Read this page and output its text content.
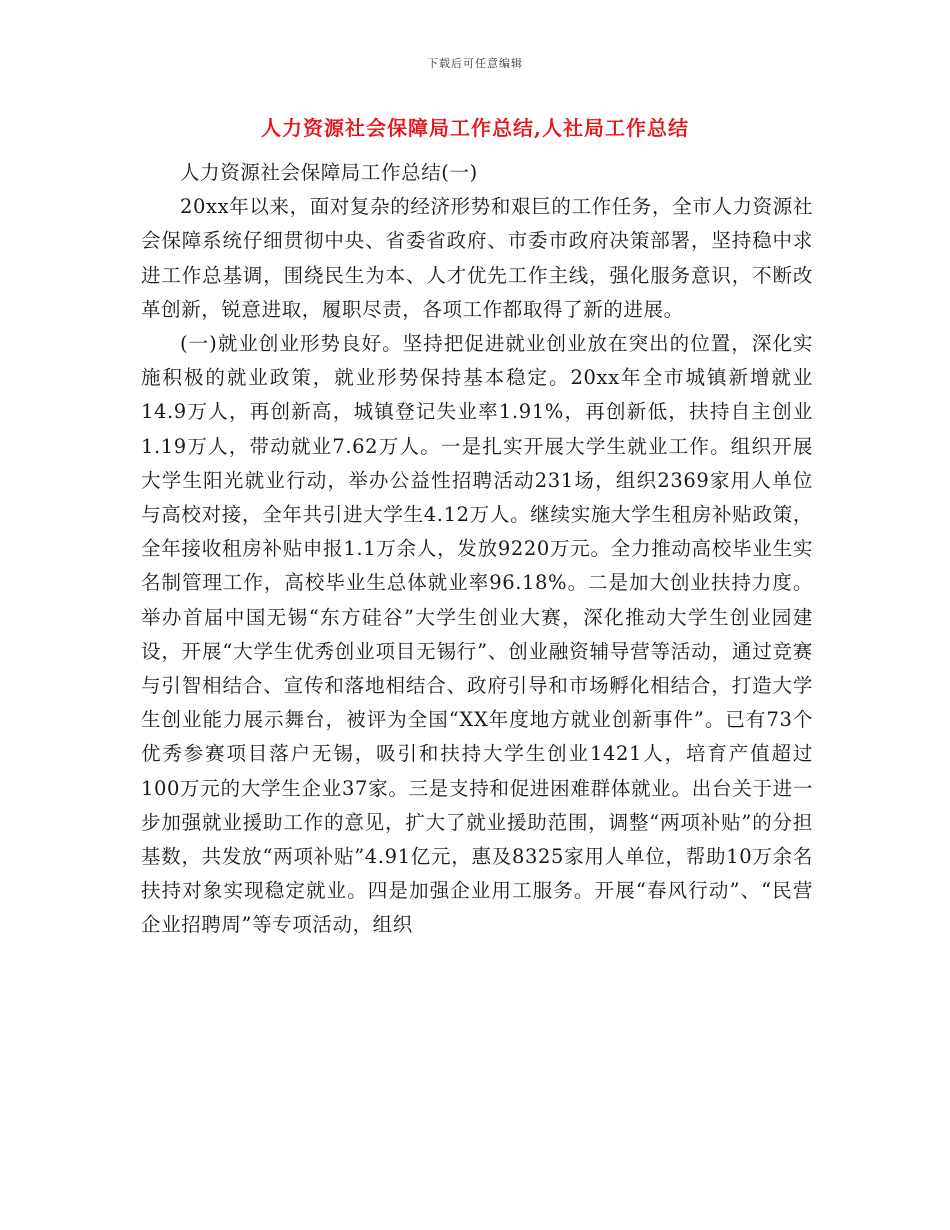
下载后可任意编辑
人力资源社会保障局工作总结,人社局工作总结

人力资源社会保障局工作总结(一)

20xx年以来，面对复杂的经济形势和艰巨的工作任务，全市人力资源社会保障系统仔细贯彻中央、省委省政府、市委市政府决策部署，坚持稳中求进工作总基调，围绕民生为本、人才优先工作主线，强化服务意识，不断改革创新，锐意进取，履职尽责，各项工作都取得了新的进展。

(一)就业创业形势良好。坚持把促进就业创业放在突出的位置，深化实施积极的就业政策，就业形势保持基本稳定。20xx年全市城镇新增就业14.9万人，再创新高，城镇登记失业率1.91%，再创新低，扶持自主创业1.19万人，带动就业7.62万人。一是扎实开展大学生就业工作。组织开展大学生阳光就业行动，举办公益性招聘活动231场，组织2369家用人单位与高校对接，全年共引进大学生4.12万人。继续实施大学生租房补贴政策，全年接收租房补贴申报1.1万余人，发放9220万元。全力推动高校毕业生实名制管理工作，高校毕业生总体就业率96.18%。二是加大创业扶持力度。举办首届中国无锡“东方硅谷”大学生创业大赛，深化推动大学生创业园建设，开展“大学生优秀创业项目无锡行”、创业融资辅导营等活动，通过竞赛与引智相结合、宣传和落地相结合、政府引导和市场孵化相结合，打造大学生创业能力展示舞台，被评为全国“XX年度地方就业创新事件”。已有73个优秀参赛项目落户无锡，吸引和扶持大学生创业1421人，培育产值超过100万元的大学生企业37家。三是支持和促进困难群体就业。出台关于进一步加强就业援助工作的意见，扩大了就业援助范围，调整“两项补贴”的分担基数，共发放“两项补贴”4.91亿元，惠及8325家用人单位，帮助10万余名扶持对象实现稳定就业。四是加强企业用工服务。开展“春风行动”、“民营企业招聘周”等专项活动，组织
